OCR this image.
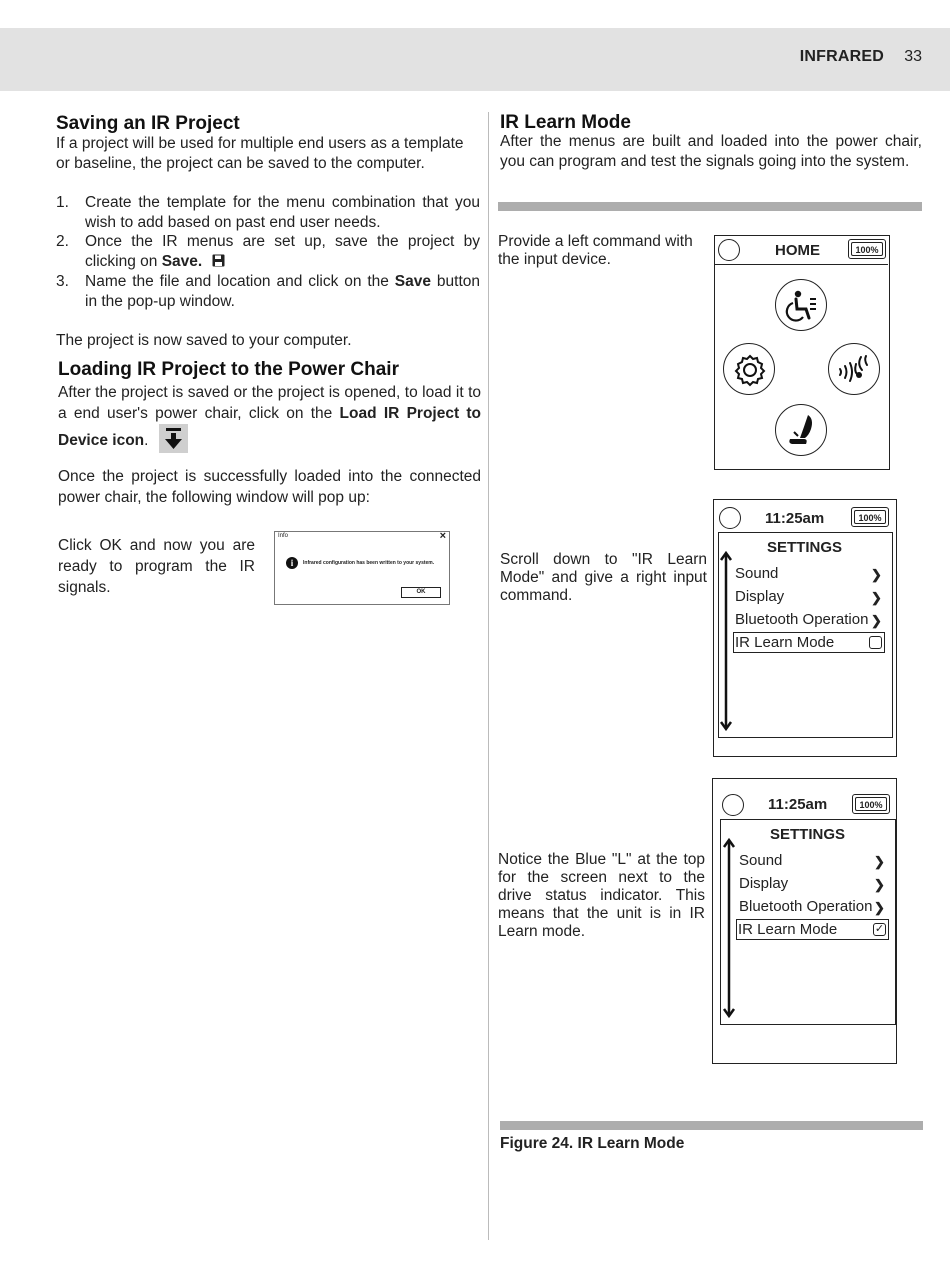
INFRARED 33
Saving an IR Project

If a project will be used for multiple end users as a template or baseline, the project can be saved to the computer.

1. Create the template for the menu combination that you wish to add based on past end user needs.
2. Once the IR menus are set up, save the project by clicking on Save.
3. Name the file and location and click on the Save button in the pop-up window.

The project is now saved to your computer.

Loading IR Project to the Power Chair

After the project is saved or the project is opened, to load it to a end user's power chair, click on the Load IR Project to Device icon.

Once the project is successfully loaded into the connected power chair, the following window will pop up:

Click OK and now you are ready to program the IR signals.

Info	×
i	Infrared configuration has been written to your system.
OK
IR Learn Mode

After the menus are built and loaded into the power chair, you can program and test the signals going into the system.

Provide a left command with the input device.

Scroll down to "IR Learn Mode" and give a right input command.

Notice the Blue "L" at the top for the screen next to the drive status indicator. This means that the unit is in IR Learn mode.

HOME	100%
11:25am	100%
SETTINGS
Sound	❯
Display	❯
Bluetooth Operation ❯
IR Learn Mode
11:25am	100%
SETTINGS
Sound	❯
Display	❯
Bluetooth Operation ❯
IR Learn Mode	✓

Figure 24. IR Learn Mode
